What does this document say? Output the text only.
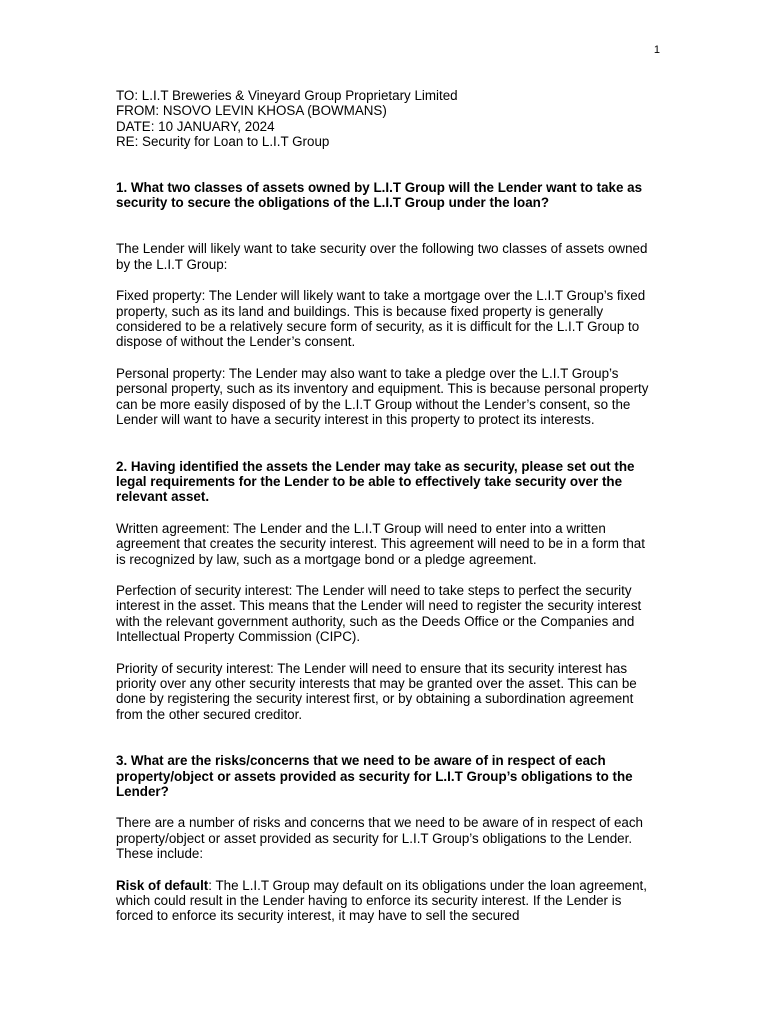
1

TO: L.I.T Breweries & Vineyard Group Proprietary Limited

FROM: NSOVO LEVIN KHOSA (BOWMANS)

DATE: 10 JANUARY, 2024

RE: Security for Loan to L.I.T Group

1. What two classes of assets owned by L.I.T Group will the Lender want to take as security to secure the obligations of the L.I.T Group under the loan?

The Lender will likely want to take security over the following two classes of assets owned by the L.I.T Group:

Fixed property: The Lender will likely want to take a mortgage over the L.I.T Group’s fixed property, such as its land and buildings. This is because fixed property is generally considered to be a relatively secure form of security, as it is difficult for the L.I.T Group to dispose of without the Lender’s consent.

Personal property: The Lender may also want to take a pledge over the L.I.T Group’s personal property, such as its inventory and equipment. This is because personal property can be more easily disposed of by the L.I.T Group without the Lender’s consent, so the Lender will want to have a security interest in this property to protect its interests.

2. Having identified the assets the Lender may take as security, please set out the legal requirements for the Lender to be able to effectively take security over the relevant asset.

Written agreement: The Lender and the L.I.T Group will need to enter into a written agreement that creates the security interest. This agreement will need to be in a form that is recognized by law, such as a mortgage bond or a pledge agreement.

Perfection of security interest: The Lender will need to take steps to perfect the security interest in the asset. This means that the Lender will need to register the security interest with the relevant government authority, such as the Deeds Office or the Companies and Intellectual Property Commission (CIPC).

Priority of security interest: The Lender will need to ensure that its security interest has priority over any other security interests that may be granted over the asset. This can be done by registering the security interest first, or by obtaining a subordination agreement from the other secured creditor.

3. What are the risks/concerns that we need to be aware of in respect of each property/object or assets provided as security for L.I.T Group’s obligations to the Lender?

There are a number of risks and concerns that we need to be aware of in respect of each property/object or asset provided as security for L.I.T Group’s obligations to the Lender. These include:

Risk of default: The L.I.T Group may default on its obligations under the loan agreement, which could result in the Lender having to enforce its security interest. If the Lender is forced to enforce its security interest, it may have to sell the secured
